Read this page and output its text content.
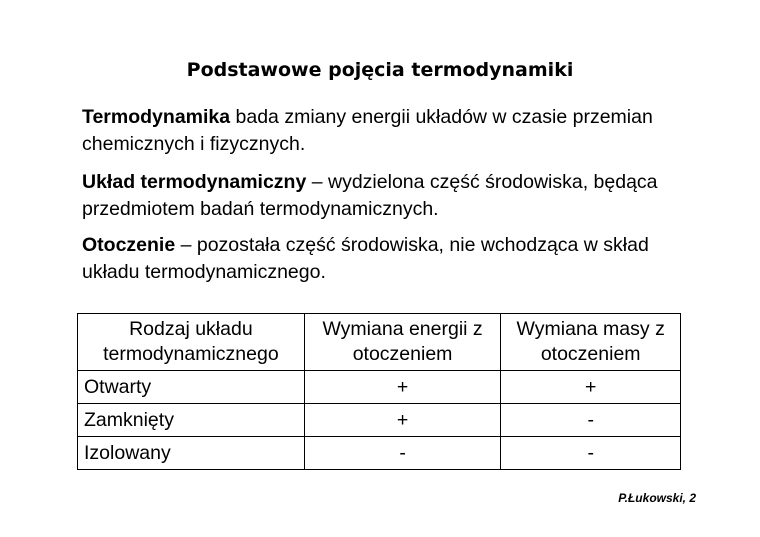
Podstawowe pojęcia termodynamiki
Termodynamika bada zmiany energii układów w czasie przemian chemicznych i fizycznych.
Układ termodynamiczny – wydzielona część środowiska, będąca przedmiotem badań termodynamicznych.
Otoczenie – pozostała część środowiska, nie wchodząca w skład układu termodynamicznego.
Rodzaj układu termodynamicznego	Wymiana energii z otoczeniem	Wymiana masy z otoczeniem
Otwarty	+	+
Zamknięty	+	-
Izolowany	-	-
P.Łukowski, 2
